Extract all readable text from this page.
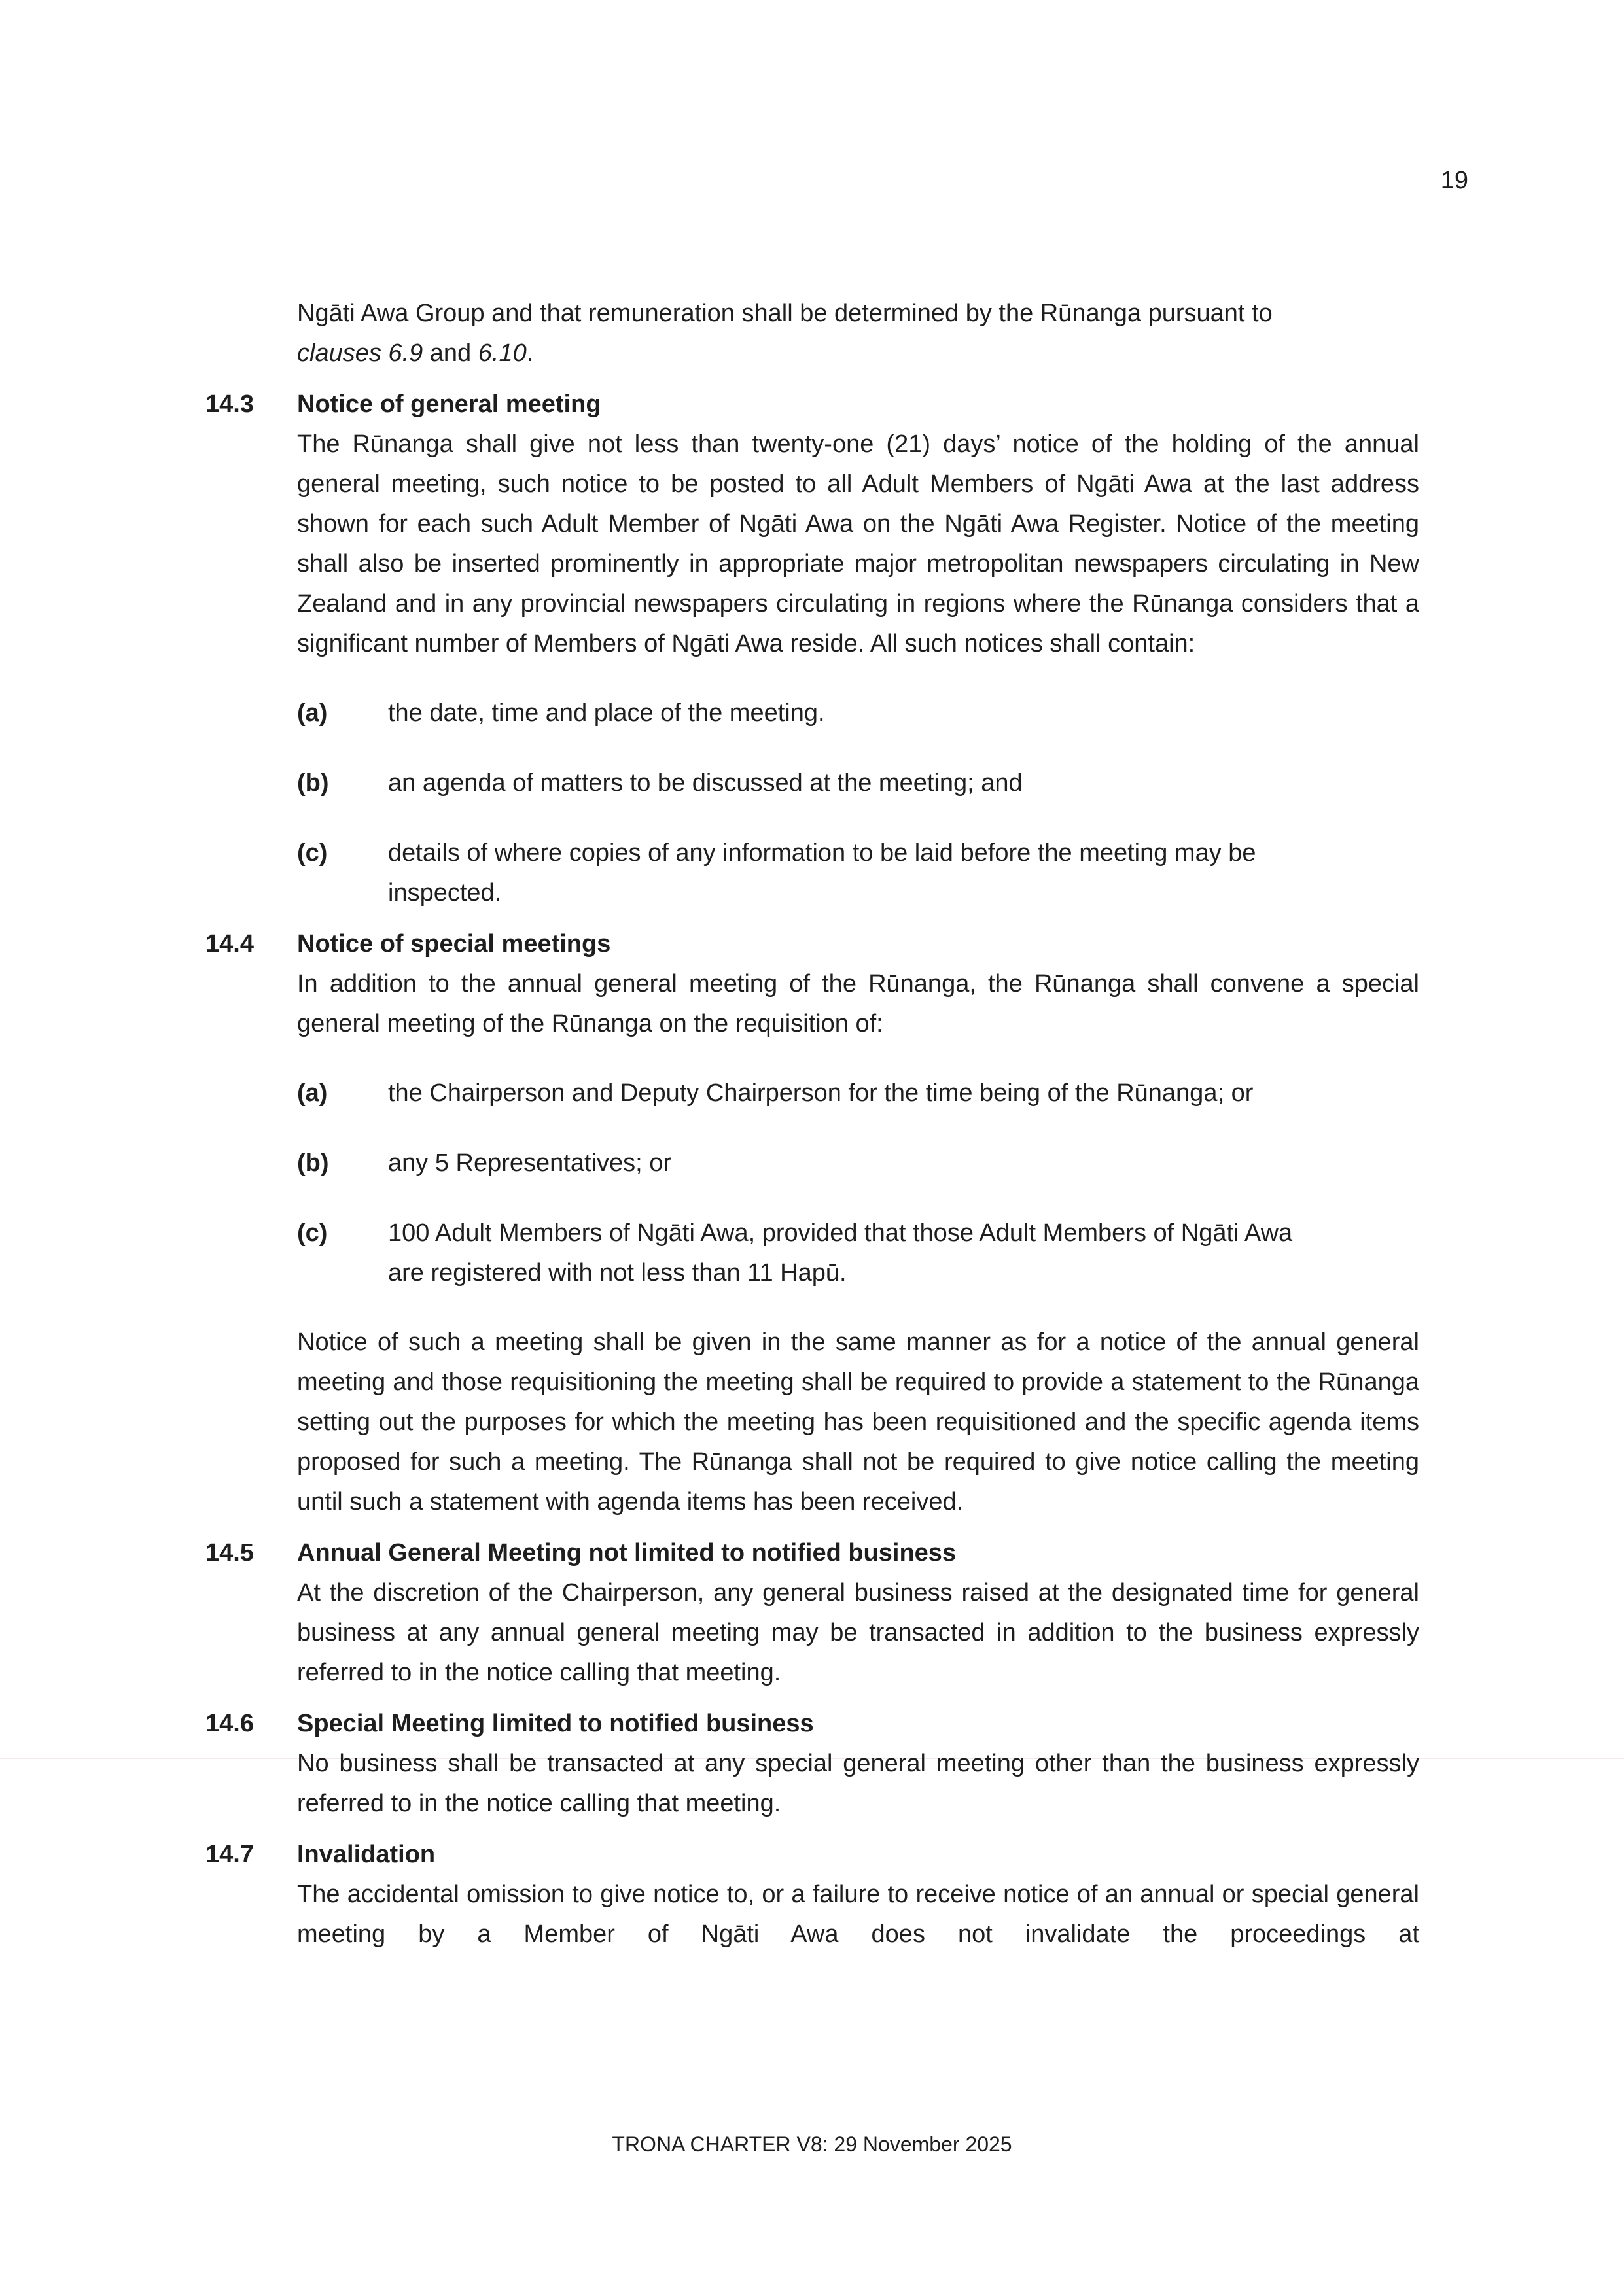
19
Ngāti Awa Group and that remuneration shall be determined by the Rūnanga pursuant to
clauses 6.9 and 6.10.
14.3 Notice of general meeting
The Rūnanga shall give not less than twenty-one (21) days’ notice of the holding of the annual general meeting, such notice to be posted to all Adult Members of Ngāti Awa at the last address shown for each such Adult Member of Ngāti Awa on the Ngāti Awa Register. Notice of the meeting shall also be inserted prominently in appropriate major metropolitan newspapers circulating in New Zealand and in any provincial newspapers circulating in regions where the Rūnanga considers that a significant number of Members of Ngāti Awa reside. All such notices shall contain:
(a) the date, time and place of the meeting.
(b) an agenda of matters to be discussed at the meeting; and
(c) details of where copies of any information to be laid before the meeting may be inspected.
14.4 Notice of special meetings
In addition to the annual general meeting of the Rūnanga, the Rūnanga shall convene a special general meeting of the Rūnanga on the requisition of:
(a) the Chairperson and Deputy Chairperson for the time being of the Rūnanga; or
(b) any 5 Representatives; or
(c) 100 Adult Members of Ngāti Awa, provided that those Adult Members of Ngāti Awa are registered with not less than 11 Hapū.
Notice of such a meeting shall be given in the same manner as for a notice of the annual general meeting and those requisitioning the meeting shall be required to provide a statement to the Rūnanga setting out the purposes for which the meeting has been requisitioned and the specific agenda items proposed for such a meeting. The Rūnanga shall not be required to give notice calling the meeting until such a statement with agenda items has been received.
14.5 Annual General Meeting not limited to notified business
At the discretion of the Chairperson, any general business raised at the designated time for general business at any annual general meeting may be transacted in addition to the business expressly referred to in the notice calling that meeting.
14.6 Special Meeting limited to notified business
No business shall be transacted at any special general meeting other than the business expressly referred to in the notice calling that meeting.
14.7 Invalidation
The accidental omission to give notice to, or a failure to receive notice of an annual or special general meeting by a Member of Ngāti Awa does not invalidate the proceedings at
TRONA CHARTER V8: 29 November 2025
